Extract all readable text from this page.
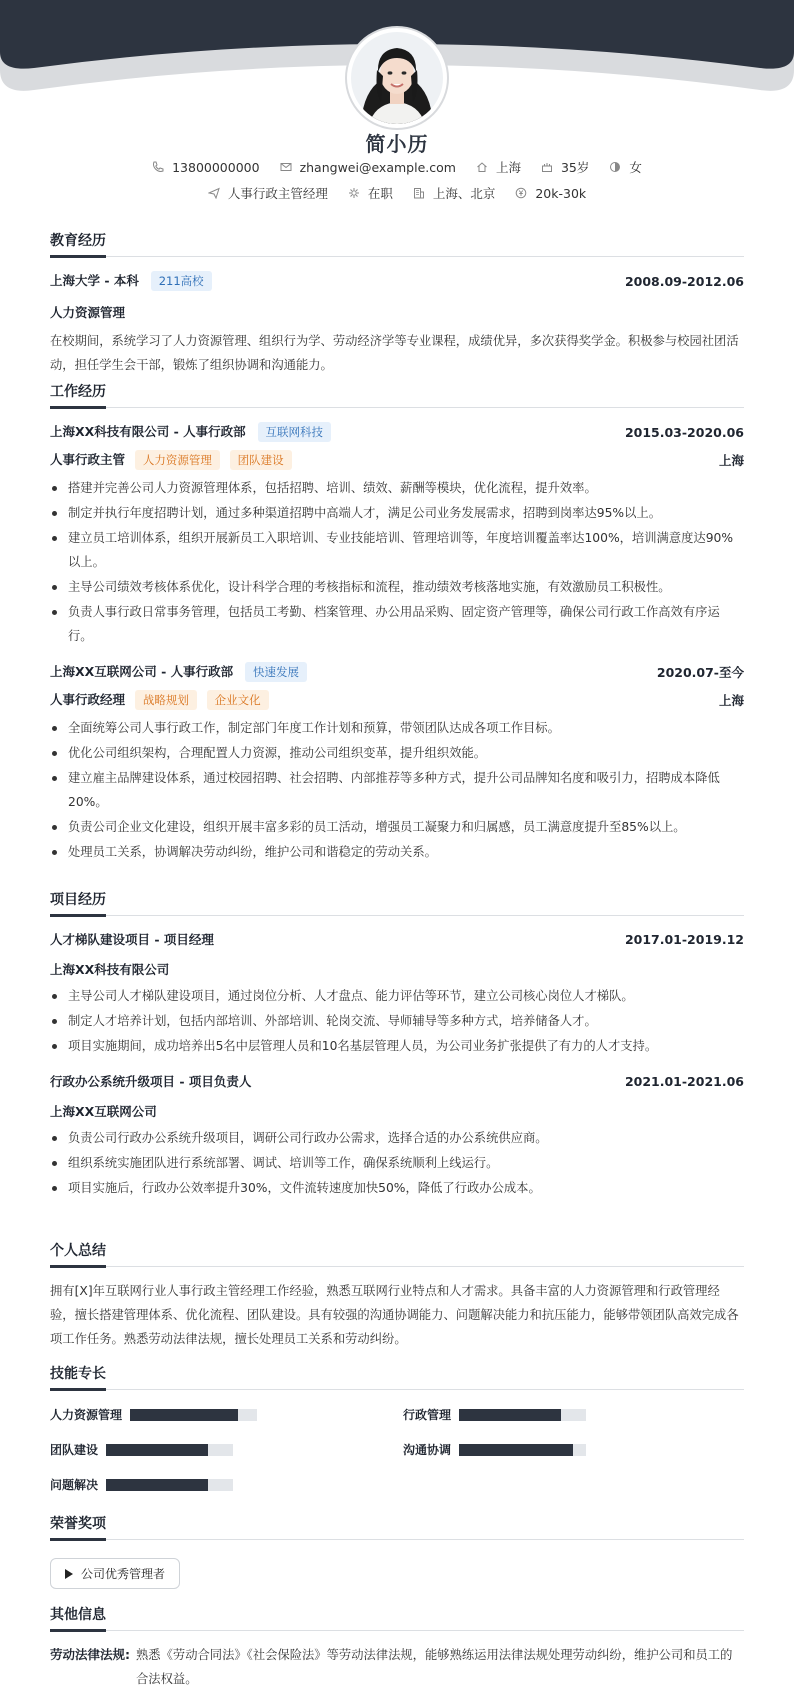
简小历
13800000000	zhangwei@example.com	上海	35岁	女
人事行政主管经理	在职	上海、北京	20k-30k
教育经历
上海大学 - 本科 211高校	2008.09-2012.06
人力资源管理
在校期间，系统学习了人力资源管理、组织行为学、劳动经济学等专业课程，成绩优异，多次获得奖学金。积极参与校园社团活动，担任学生会干部，锻炼了组织协调和沟通能力。
工作经历
上海XX科技有限公司 - 人事行政部 互联网科技	2015.03-2020.06
人事行政主管 人力资源管理 团队建设	上海
搭建并完善公司人力资源管理体系，包括招聘、培训、绩效、薪酬等模块，优化流程，提升效率。
制定并执行年度招聘计划，通过多种渠道招聘中高端人才，满足公司业务发展需求，招聘到岗率达95%以上。
建立员工培训体系，组织开展新员工入职培训、专业技能培训、管理培训等，年度培训覆盖率达100%，培训满意度达90%以上。
主导公司绩效考核体系优化，设计科学合理的考核指标和流程，推动绩效考核落地实施，有效激励员工积极性。
负责人事行政日常事务管理，包括员工考勤、档案管理、办公用品采购、固定资产管理等，确保公司行政工作高效有序运行。
上海XX互联网公司 - 人事行政部 快速发展	2020.07-至今
人事行政经理 战略规划 企业文化	上海
全面统筹公司人事行政工作，制定部门年度工作计划和预算，带领团队达成各项工作目标。
优化公司组织架构，合理配置人力资源，推动公司组织变革，提升组织效能。
建立雇主品牌建设体系，通过校园招聘、社会招聘、内部推荐等多种方式，提升公司品牌知名度和吸引力，招聘成本降低20%。
负责公司企业文化建设，组织开展丰富多彩的员工活动，增强员工凝聚力和归属感，员工满意度提升至85%以上。
处理员工关系，协调解决劳动纠纷，维护公司和谐稳定的劳动关系。
项目经历
人才梯队建设项目 - 项目经理	2017.01-2019.12
上海XX科技有限公司
主导公司人才梯队建设项目，通过岗位分析、人才盘点、能力评估等环节，建立公司核心岗位人才梯队。
制定人才培养计划，包括内部培训、外部培训、轮岗交流、导师辅导等多种方式，培养储备人才。
项目实施期间，成功培养出5名中层管理人员和10名基层管理人员，为公司业务扩张提供了有力的人才支持。
行政办公系统升级项目 - 项目负责人	2021.01-2021.06
上海XX互联网公司
负责公司行政办公系统升级项目，调研公司行政办公需求，选择合适的办公系统供应商。
组织系统实施团队进行系统部署、调试、培训等工作，确保系统顺利上线运行。
项目实施后，行政办公效率提升30%，文件流转速度加快50%，降低了行政办公成本。
个人总结
拥有[X]年互联网行业人事行政主管经理工作经验，熟悉互联网行业特点和人才需求。具备丰富的人力资源管理和行政管理经验，擅长搭建管理体系、优化流程、团队建设。具有较强的沟通协调能力、问题解决能力和抗压能力，能够带领团队高效完成各项工作任务。熟悉劳动法律法规，擅长处理员工关系和劳动纠纷。
技能专长
人力资源管理	行政管理
团队建设	沟通协调
问题解决
荣誉奖项
公司优秀管理者
其他信息
劳动法律法规: 熟悉《劳动合同法》《社会保险法》等劳动法律法规，能够熟练运用法律法规处理劳动纠纷，维护公司和员工的合法权益。
